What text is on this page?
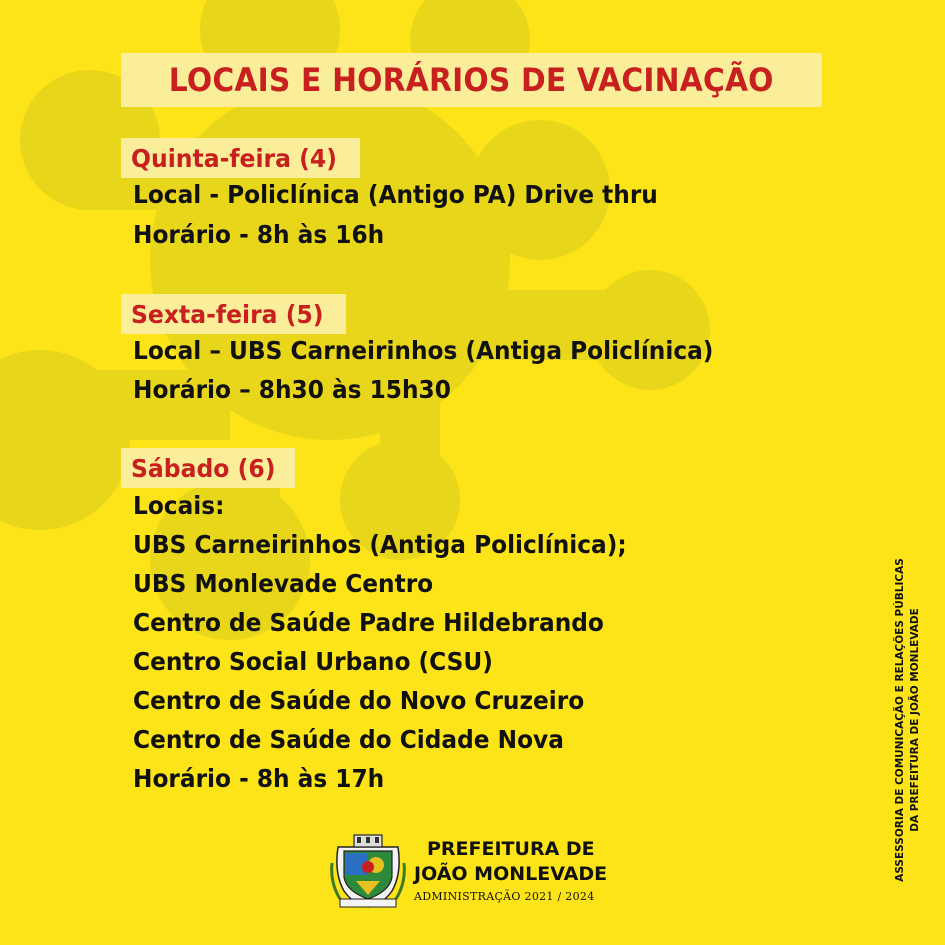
LOCAIS E HORÁRIOS DE VACINAÇÃO
Quinta-feira (4)
Local - Policlínica (Antigo PA) Drive thru
Horário - 8h às 16h
Sexta-feira (5)
Local – UBS Carneirinhos (Antiga Policlínica)
Horário – 8h30 às 15h30
Sábado (6)
Locais:
UBS Carneirinhos (Antiga Policlínica);
UBS Monlevade Centro
Centro de Saúde Padre Hildebrando
Centro Social Urbano (CSU)
Centro de Saúde do Novo Cruzeiro
Centro de Saúde do Cidade Nova
Horário - 8h às 17h
PREFEITURA DE
JOÃO MONLEVADE
ADMINISTRAÇÃO 2021 / 2024
ASSESSORIA DE COMUNICAÇÃO E RELAÇÕES PÚBLICAS DA PREFEITURA DE JOÃO MONLEVADE
